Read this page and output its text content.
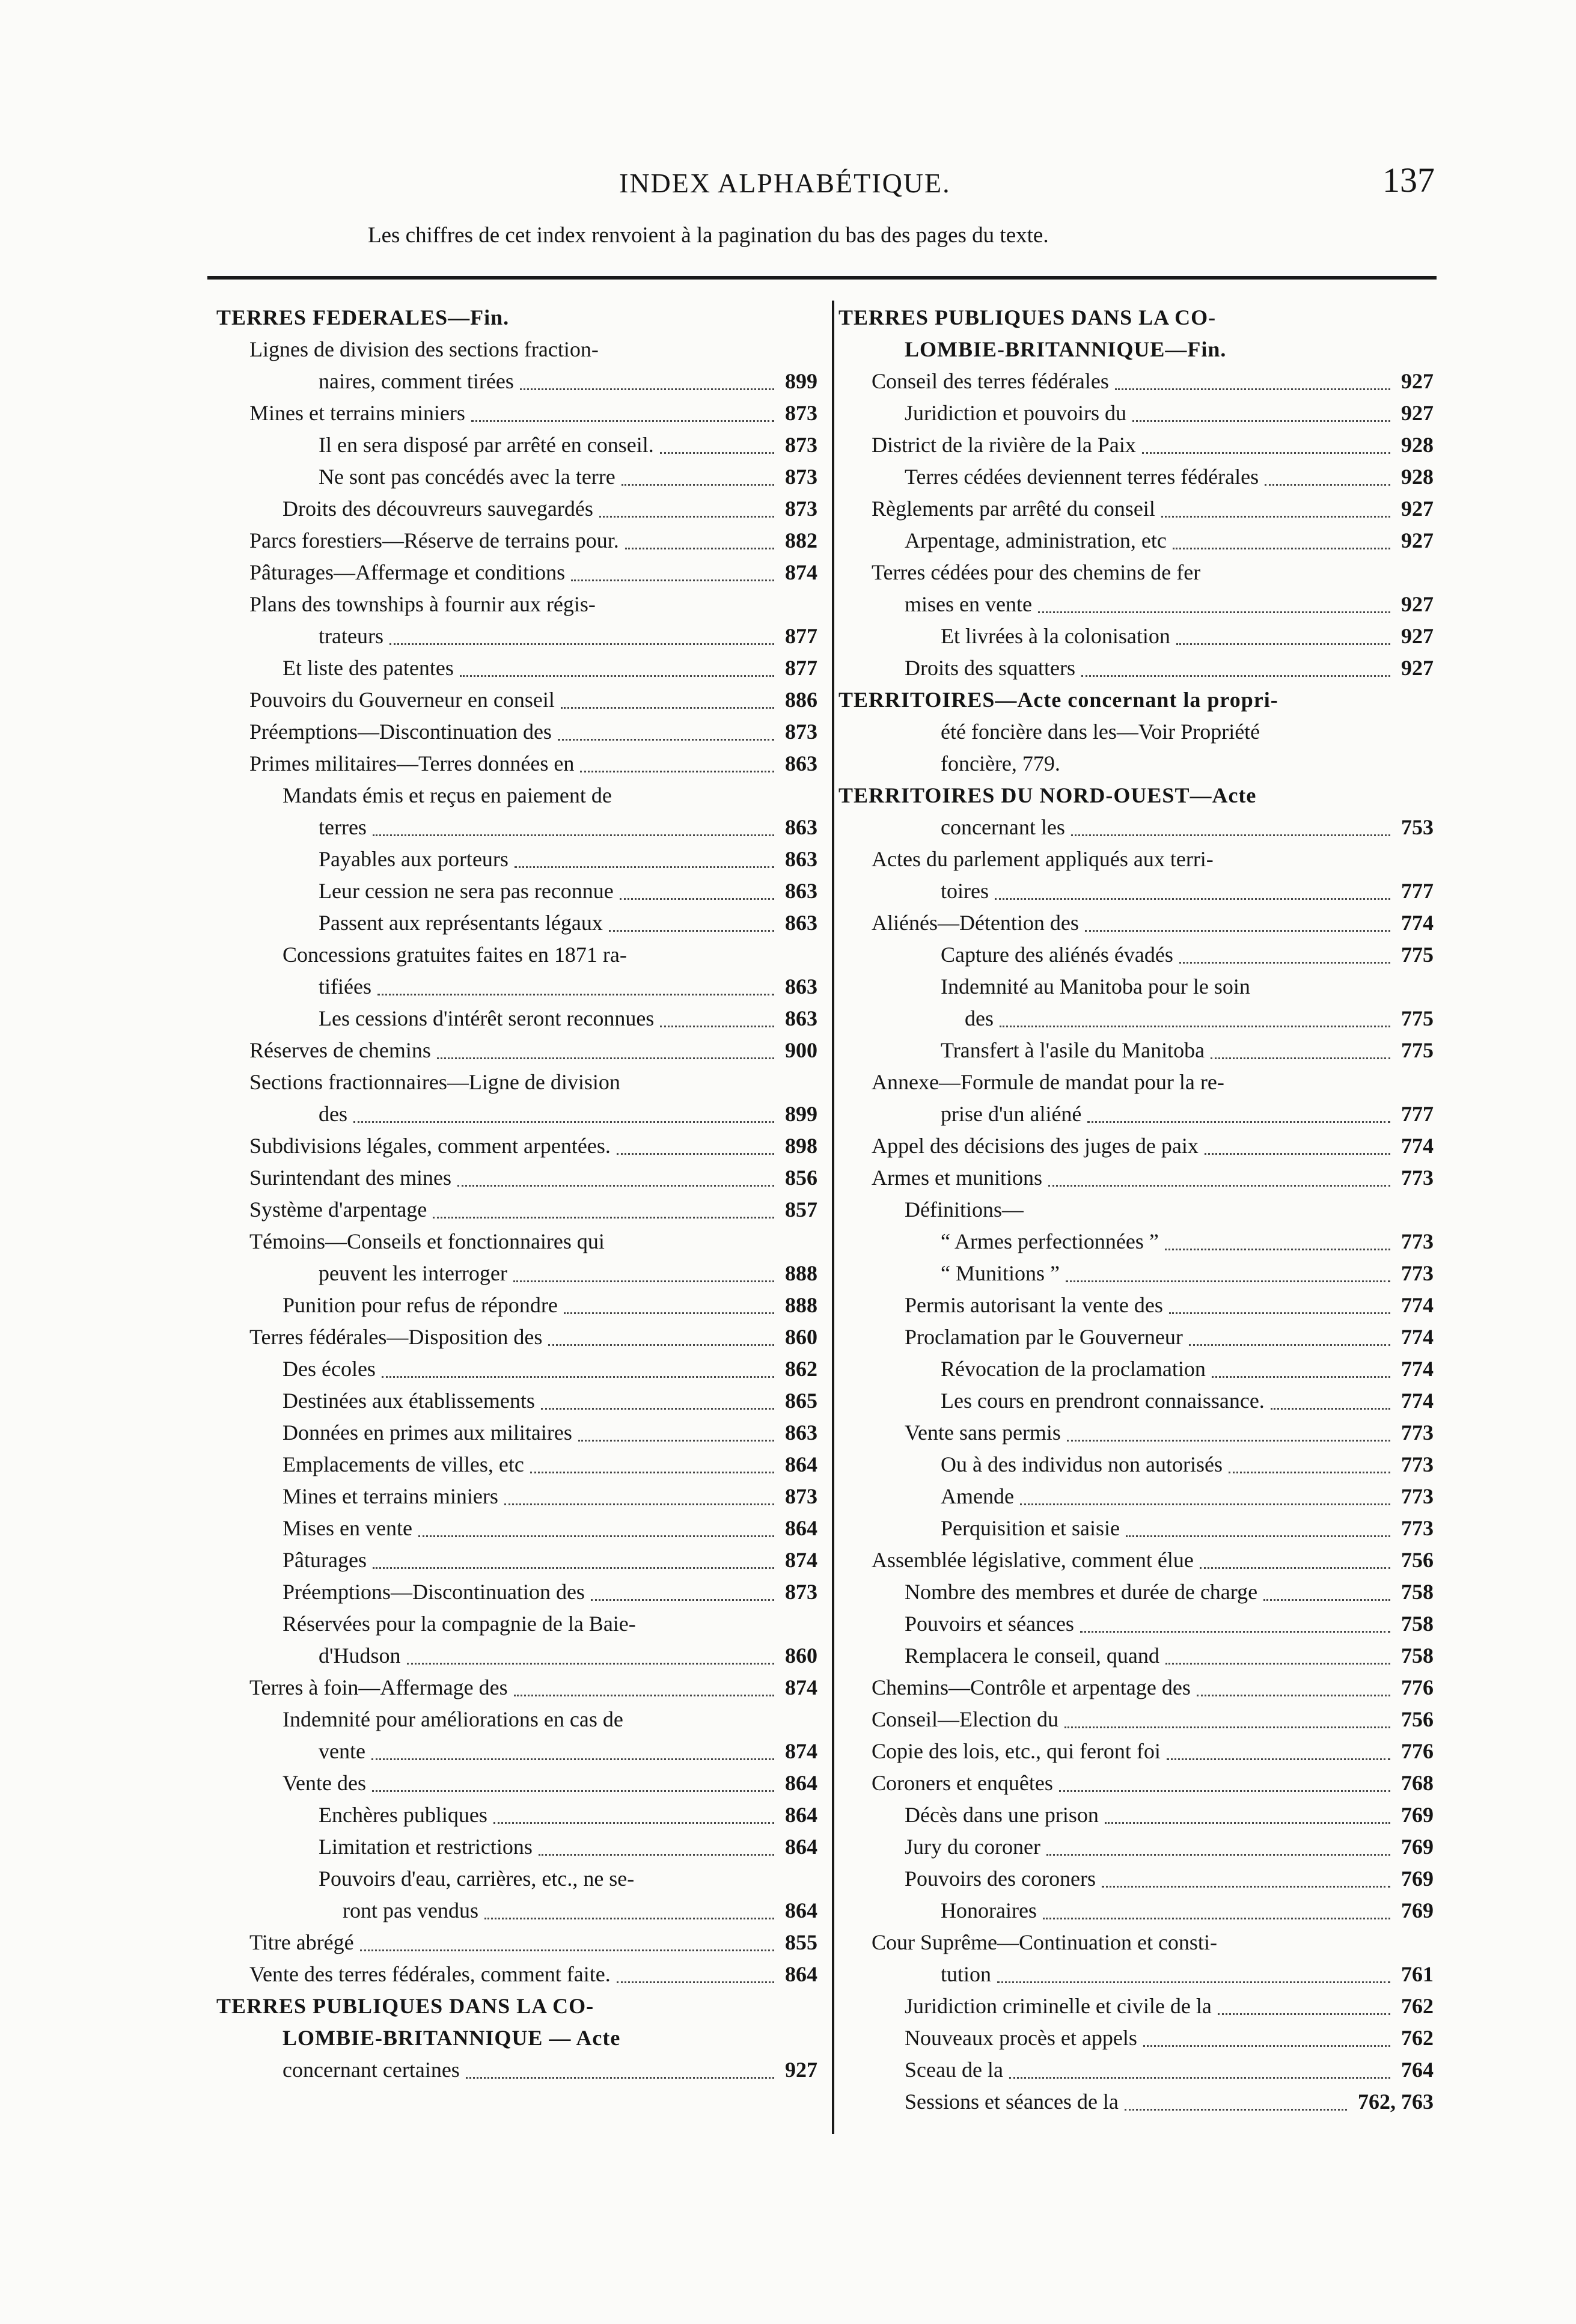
INDEX ALPHABÉTIQUE.	137
Les chiffres de cet index renvoient à la pagination du bas des pages du texte.
TERRES FEDERALES—Fin.
Lignes de division des sections fraction-
naires, comment tirées	899
Mines et terrains miniers	873
Il en sera disposé par arrêté en conseil.	873
Ne sont pas concédés avec la terre	873
Droits des découvreurs sauvegardés	873
Parcs forestiers—Réserve de terrains pour.	882
Pâturages—Affermage et conditions	874
Plans des townships à fournir aux régis-
trateurs	877
Et liste des patentes	877
Pouvoirs du Gouverneur en conseil	886
Préemptions—Discontinuation des	873
Primes militaires—Terres données en	863
Mandats émis et reçus en paiement de
terres	863
Payables aux porteurs	863
Leur cession ne sera pas reconnue	863
Passent aux représentants légaux	863
Concessions gratuites faites en 1871 ra-
tifiées	863
Les cessions d'intérêt seront reconnues	863
Réserves de chemins	900
Sections fractionnaires—Ligne de division
des	899
Subdivisions légales, comment arpentées.	898
Surintendant des mines	856
Système d'arpentage	857
Témoins—Conseils et fonctionnaires qui
peuvent les interroger	888
Punition pour refus de répondre	888
Terres fédérales—Disposition des	860
Des écoles	862
Destinées aux établissements	865
Données en primes aux militaires	863
Emplacements de villes, etc	864
Mines et terrains miniers	873
Mises en vente	864
Pâturages	874
Préemptions—Discontinuation des	873
Réservées pour la compagnie de la Baie-
d'Hudson	860
Terres à foin—Affermage des	874
Indemnité pour améliorations en cas de
vente	874
Vente des	864
Enchères publiques	864
Limitation et restrictions	864
Pouvoirs d'eau, carrières, etc., ne se-
ront pas vendus	864
Titre abrégé	855
Vente des terres fédérales, comment faite.	864
TERRES PUBLIQUES DANS LA CO-
LOMBIE-BRITANNIQUE — Acte
concernant certaines	927
TERRES PUBLIQUES DANS LA CO-
LOMBIE-BRITANNIQUE—Fin.
Conseil des terres fédérales	927
Juridiction et pouvoirs du	927
District de la rivière de la Paix	928
Terres cédées deviennent terres fédérales	928
Règlements par arrêté du conseil	927
Arpentage, administration, etc	927
Terres cédées pour des chemins de fer
mises en vente	927
Et livrées à la colonisation	927
Droits des squatters	927
TERRITOIRES—Acte concernant la propri-
été foncière dans les—Voir Propriété
foncière, 779.
TERRITOIRES DU NORD-OUEST—Acte
concernant les	753
Actes du parlement appliqués aux terri-
toires	777
Aliénés—Détention des	774
Capture des aliénés évadés	775
Indemnité au Manitoba pour le soin
des	775
Transfert à l'asile du Manitoba	775
Annexe—Formule de mandat pour la re-
prise d'un aliéné	777
Appel des décisions des juges de paix	774
Armes et munitions	773
Définitions—
“ Armes perfectionnées ”	773
“ Munitions ”	773
Permis autorisant la vente des	774
Proclamation par le Gouverneur	774
Révocation de la proclamation	774
Les cours en prendront connaissance.	774
Vente sans permis	773
Ou à des individus non autorisés	773
Amende	773
Perquisition et saisie	773
Assemblée législative, comment élue	756
Nombre des membres et durée de charge	758
Pouvoirs et séances	758
Remplacera le conseil, quand	758
Chemins—Contrôle et arpentage des	776
Conseil—Election du	756
Copie des lois, etc., qui feront foi	776
Coroners et enquêtes	768
Décès dans une prison	769
Jury du coroner	769
Pouvoirs des coroners	769
Honoraires	769
Cour Suprême—Continuation et consti-
tution	761
Juridiction criminelle et civile de la	762
Nouveaux procès et appels	762
Sceau de la	764
Sessions et séances de la	762, 763
